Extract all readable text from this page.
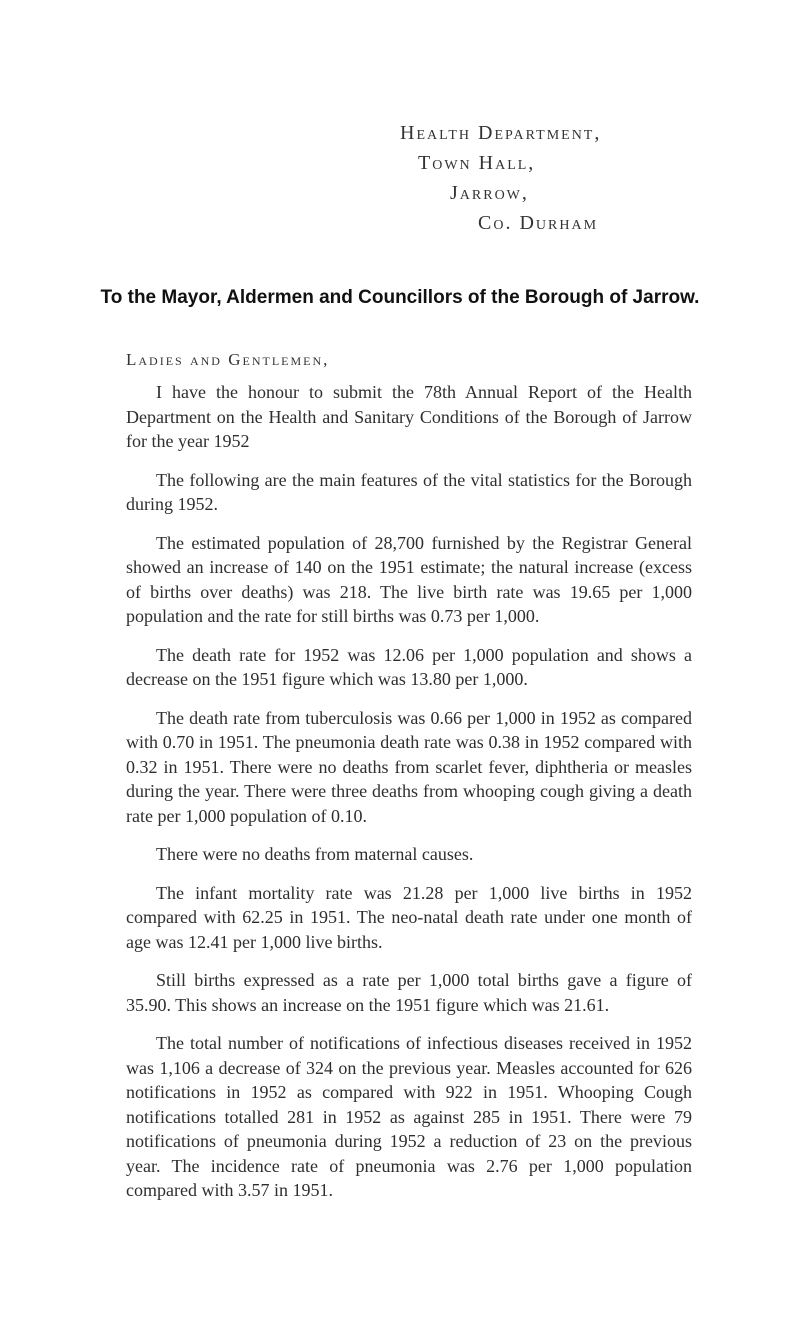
Health Department,
Town Hall,
Jarrow,
Co. Durham
To the Mayor, Aldermen and Councillors of the Borough of Jarrow.
Ladies and Gentlemen,

I have the honour to submit the 78th Annual Report of the Health Department on the Health and Sanitary Conditions of the Borough of Jarrow for the year 1952

The following are the main features of the vital statistics for the Borough during 1952.

The estimated population of 28,700 furnished by the Registrar General showed an increase of 140 on the 1951 estimate; the natural increase (excess of births over deaths) was 218. The live birth rate was 19.65 per 1,000 population and the rate for still births was 0.73 per 1,000.

The death rate for 1952 was 12.06 per 1,000 population and shows a decrease on the 1951 figure which was 13.80 per 1,000.

The death rate from tuberculosis was 0.66 per 1,000 in 1952 as compared with 0.70 in 1951. The pneumonia death rate was 0.38 in 1952 compared with 0.32 in 1951. There were no deaths from scarlet fever, diphtheria or measles during the year. There were three deaths from whooping cough giving a death rate per 1,000 population of 0.10.

There were no deaths from maternal causes.

The infant mortality rate was 21.28 per 1,000 live births in 1952 compared with 62.25 in 1951. The neo-natal death rate under one month of age was 12.41 per 1,000 live births.

Still births expressed as a rate per 1,000 total births gave a figure of 35.90. This shows an increase on the 1951 figure which was 21.61.

The total number of notifications of infectious diseases received in 1952 was 1,106 a decrease of 324 on the previous year. Measles accounted for 626 notifications in 1952 as compared with 922 in 1951. Whooping Cough notifications totalled 281 in 1952 as against 285 in 1951. There were 79 notifications of pneumonia during 1952 a reduction of 23 on the previous year. The incidence rate of pneumonia was 2.76 per 1,000 population compared with 3.57 in 1951.
